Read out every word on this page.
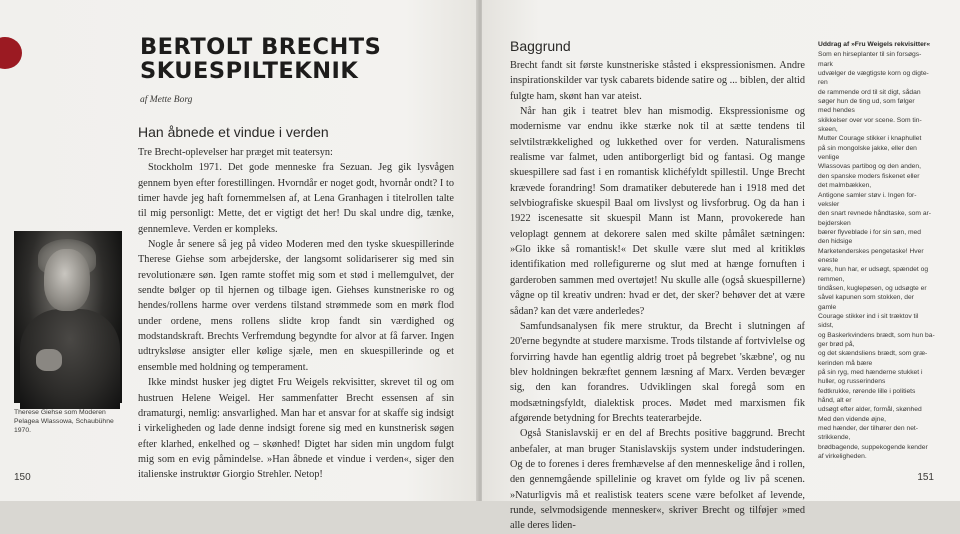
BERTOLT BRECHTS
SKUESPILTEKNIK
af Mette Borg
Han åbnede et vindue i verden

Tre Brecht-oplevelser har præget mit teatersyn:

Stockholm 1971. Det gode menneske fra Sezuan. Jeg gik lysvågen gennem byen efter forestillingen. Hvorndår er noget godt, hvornår ondt? I to timer havde jeg haft fornemmelsen af, at Lena Granhagen i titelrollen talte til mig personligt: Mette, det er vigtigt det her! Du skal undre dig, tænke, gennemleve. Verden er kompleks.

Nogle år senere så jeg på video Moderen med den tyske skuespillerinde Therese Giehse som arbejderske, der langsomt solidariserer sig med sin revolutionære søn. Igen ramte stoffet mig som et stød i mellemgulvet, der sendte bølger op til hjernen og tilbage igen. Giehses kunstneriske ro og hendes/rollens harme over verdens tilstand strømmede som en mørk flod under ordene, mens rollens slidte krop fandt sin værdighed og modstandskraft. Brechts Verfremdung begyndte for alvor at få farver. Ingen udtryksløse ansigter eller kølige sjæle, men en skuespillerinde og et ensemble med holdning og temperament.

Ikke mindst husker jeg digtet Fru Weigels rekvisitter, skrevet til og om hustruen Helene Weigel. Her sammenfatter Brecht essensen af sin dramaturgi, nemlig: ansvarlighed. Man har et ansvar for at skaffe sig indsigt i virkeligheden og lade denne indsigt forene sig med en kunstnerisk søgen efter klarhed, enkelhed og – skønhed! Digtet har siden min ungdom fulgt mig som en evig påmindelse. »Han åbnede et vindue i verden«, siger den italienske instruktør Giorgio Strehler. Netop!

Therese Giehse som Moderen Pelagea Wlassowa, Schaubühne 1970.
150
Baggrund

Brecht fandt sit første kunstneriske ståsted i ekspressionismen. Andre inspirationskilder var tysk cabarets bidende satire og ... biblen, der altid fulgte ham, skønt han var ateist.

Når han gik i teatret blev han mismodig. Ekspressionisme og modernisme var endnu ikke stærke nok til at sætte tendens til selvtilstrækkelighed og lukkethed over for verden. Naturalismens realisme var falmet, uden antiborgerligt bid og fantasi. Og mange skuespillere sad fast i en romantisk klichéfyldt spillestil. Unge Brecht krævede forandring! Som dramatiker debuterede han i 1918 med det selvbiografiske skuespil Baal om livslyst og livsforbrug. Og da han i 1922 iscenesatte sit skuespil Mann ist Mann, provokerede han veloplagt gennem at dekorere salen med skilte påmålet sætningen: »Glo ikke så romantisk!« Det skulle være slut med al kritikløs identifikation med rollefigurerne og slut med at hænge fornuften i garderoben sammen med overtøjet! Nu skulle alle (også skuespillerne) vågne op til kreativ undren: hvad er det, der sker? behøver det at være sådan? kan det være anderledes?

Samfundsanalysen fik mere struktur, da Brecht i slutningen af 20'erne begyndte at studere marxisme. Trods tilstande af fortvivlelse og forvirring havde han egentlig aldrig troet på begrebet 'skæbne', og nu blev holdningen bekræftet gennem læsning af Marx. Verden bevæger sig, den kan forandres. Udviklingen skal foregå som en modsætningsfyldt, dialektisk proces. Mødet med marxismen fik afgørende betydning for Brechts teaterarbejde.

Også Stanislavskij er en del af Brechts positive baggrund. Brecht anbefaler, at man bruger Stanislavskijs system under indstuderingen. Og de to forenes i deres fremhævelse af den menneskelige ånd i rollen, den gennemgående spillelinie og kravet om fylde og liv på scenen. »Naturligvis må et realistisk teaters scene være befolket af levende, runde, selvmodsigende mennesker«, skriver Brecht og tilføjer »med alle deres liden-

Uddrag af »Fru Weigels rekvisitter«
Som en hirseplanter til sin forsøgs-
mark
udvælger de vægtigste korn og digte-
ren
de rammende ord til sit digt, sådan
søger hun de ting ud, som følger
med hendes
skikkelser over vor scene. Som tin-
skeen,
Mutter Courage stikker i knaphullet
på sin mongolske jakke, eller den
venlige
Wlassovas partibog og den anden,
den spanske moders fiskenet eller
det malmbækken,
Antigone samler støv i. Ingen for-
veksler
den snart revnede håndtaske, som ar-
bejdersken
bærer flyvebladе i for sin søn, med
den hidsige
Marketenderskes pengetaske! Hver
eneste
vare, hun har, er udsøgt, spændet og
remmen,
tindåsen, kuglepøsen, og udsøgte er
såvel kapunen som stokken, der
gamle
Courage stikker ind i sit træktov til
sidst,
og Baskerkvindens brædt, som hun ba-
ger brød på,
og det skændsliens brædt, som græ-
kerinden må bære
på sin ryg, med hænderne stukket i
huller, og russerindens
fedtkrukke, rørende lille i politiets
hånd, alt er
udsøgt efter alder, formål, skønhed
Med den vidende øjne,
med hænder, der tilhører den net-
strikkende,
brødbagende, suppekogende kender
af virkeligheden.
151
